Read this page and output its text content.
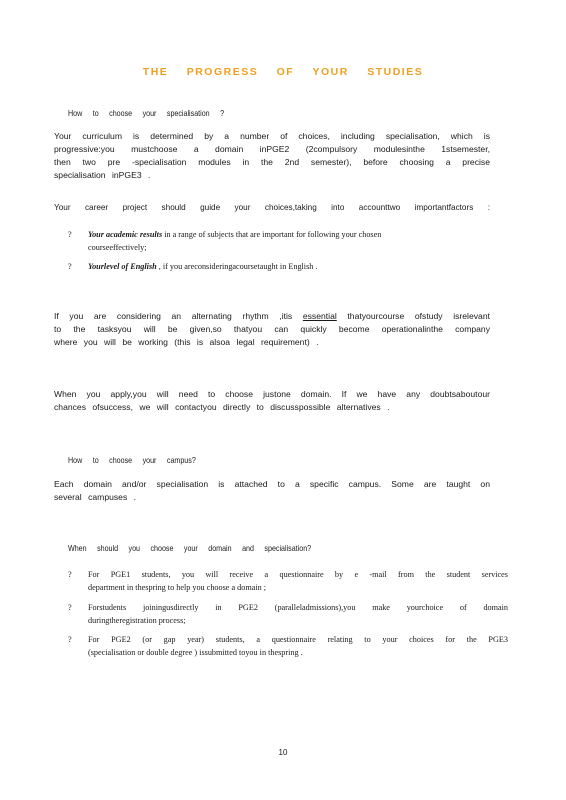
THE PROGRESS OF YOUR STUDIES
How to choose your specialisation ?
Your curriculum is determined by a number of choices, including specialisation, which is
progressive:you mustchoose a domain inPGE2 (2compulsory modulesinthe 1stsemester,
then two pre -specialisation modules in the 2nd semester), before choosing a precise
specialisation inPGE3 .
Your career project should guide your choices,taking into accounttwo importantfactors :
?	Your academic results in a range of subjects that are important for following your chosen
courseeffectively;
?	Yourlevel of English , if you areconsideringacoursetaught in English .
If you are considering an alternating rhythm ,itis essential thatyourcourse ofstudy isrelevant
to the tasksyou will be given,so thatyou can quickly become operationalinthe company
where you will be working (this is alsoa legal requirement) .
When you apply,you will need to choose justone domain. If we have any doubtsaboutour
chances ofsuccess, we will contactyou directly to discusspossible alternatives .
How to choose your campus?
Each domain and/or specialisation is attached to a specific campus. Some are taught on
several campuses .
When should you choose your domain and specialisation?
?	For PGE1 students, you will receive a questionnaire by e -mail from the student services
department in thespring to help you choose a domain ;
?	Forstudents joiningusdirectly in PGE2 (paralleladmissions),you make yourchoice of domain
duringtheregistration process;
?	For PGE2 (or gap year) students, a questionnaire relating to your choices for the PGE3
(specialisation or double degree ) issubmitted toyou in thespring .
10
